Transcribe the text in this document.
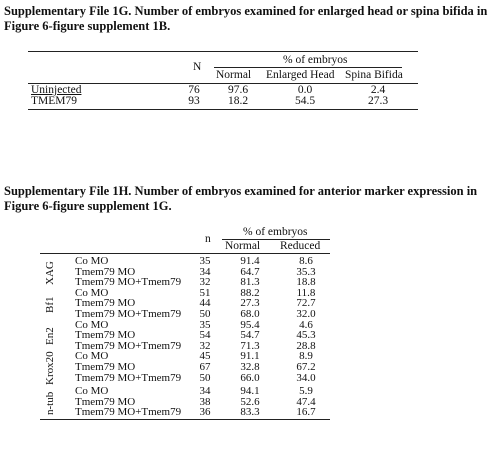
Supplementary File 1G. Number of embryos examined for enlarged head or spina bifida in
Figure 6-figure supplement 1B.
N
% of embryos
Normal Enlarged Head Spina Bifida
Uninjected	76	97.6	0.0	2.4
TMEM79	93	18.2	54.5	27.3
Supplementary File 1H. Number of embryos examined for anterior marker expression in
Figure 6-figure supplement 1G.
n
% of embryos
Normal Reduced
Co MO	35	91.4	8.6
Tmem79 MO	34	64.7	35.3
Tmem79 MO+Tmem79	32	81.3	18.8
XAG
Co MO	51	88.2	11.8
Tmem79 MO	44	27.3	72.7
Tmem79 MO+Tmem79	50	68.0	32.0
Bf1
Co MO	35	95.4	4.6
Tmem79 MO	54	54.7	45.3
Tmem79 MO+Tmem79	32	71.3	28.8
En2
Co MO	45	91.1	8.9
Tmem79 MO	67	32.8	67.2
Tmem79 MO+Tmem79	50	66.0	34.0
Krox20
Co MO	34	94.1	5.9
Tmem79 MO	38	52.6	47.4
Tmem79 MO+Tmem79	36	83.3	16.7
n-tub
